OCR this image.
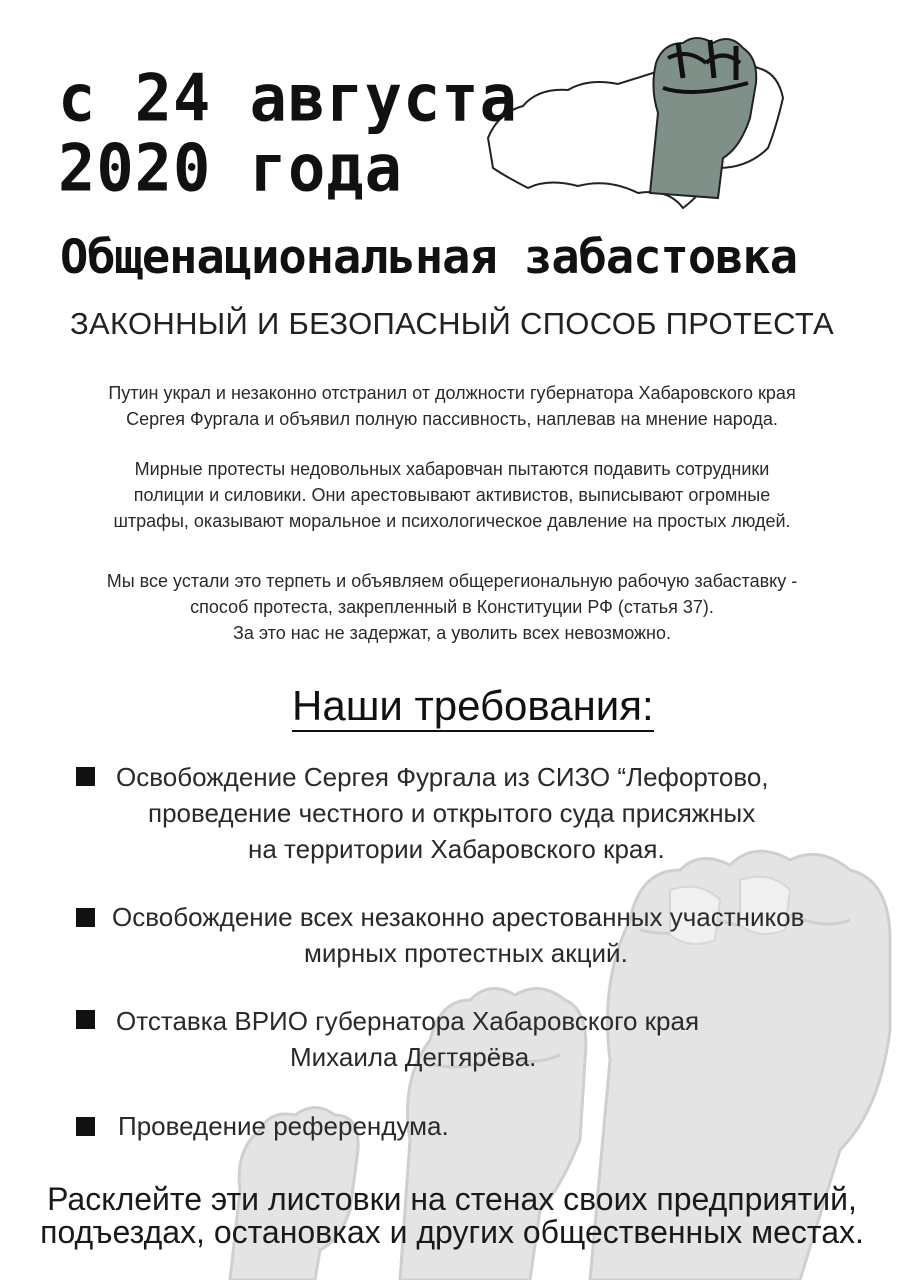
с 24 августа
2020 года
Общенациональная забастовка
ЗАКОННЫЙ И БЕЗОПАСНЫЙ СПОСОБ ПРОТЕСТА
Путин украл и незаконно отстранил от должности губернатора Хабаровского края
Сергея Фургала и объявил полную пассивность, наплевав на мнение народа.
Мирные протесты недовольных хабаровчан пытаются подавить сотрудники
полиции и силовики. Они арестовывают активистов, выписывают огромные
штрафы, оказывают моральное и психологическое давление на простых людей.
Мы все устали это терпеть и объявляем общерегиональную рабочую забаставку -
способ протеста, закрепленный в Конституции РФ (статья 37).
За это нас не задержат, а уволить всех невозможно.
Наши требования:
Освобождение Сергея Фургала из СИЗО “Лефортово,
проведение честного и открытого суда присяжных
на территории Хабаровского края.
Освобождение всех незаконно арестованных участников
мирных протестных акций.
Отставка ВРИО губернатора Хабаровского края
Михаила Дегтярёва.
Проведение референдума.
Расклейте эти листовки на стенах своих предприятий,
подъездах, остановках и других общественных местах.
